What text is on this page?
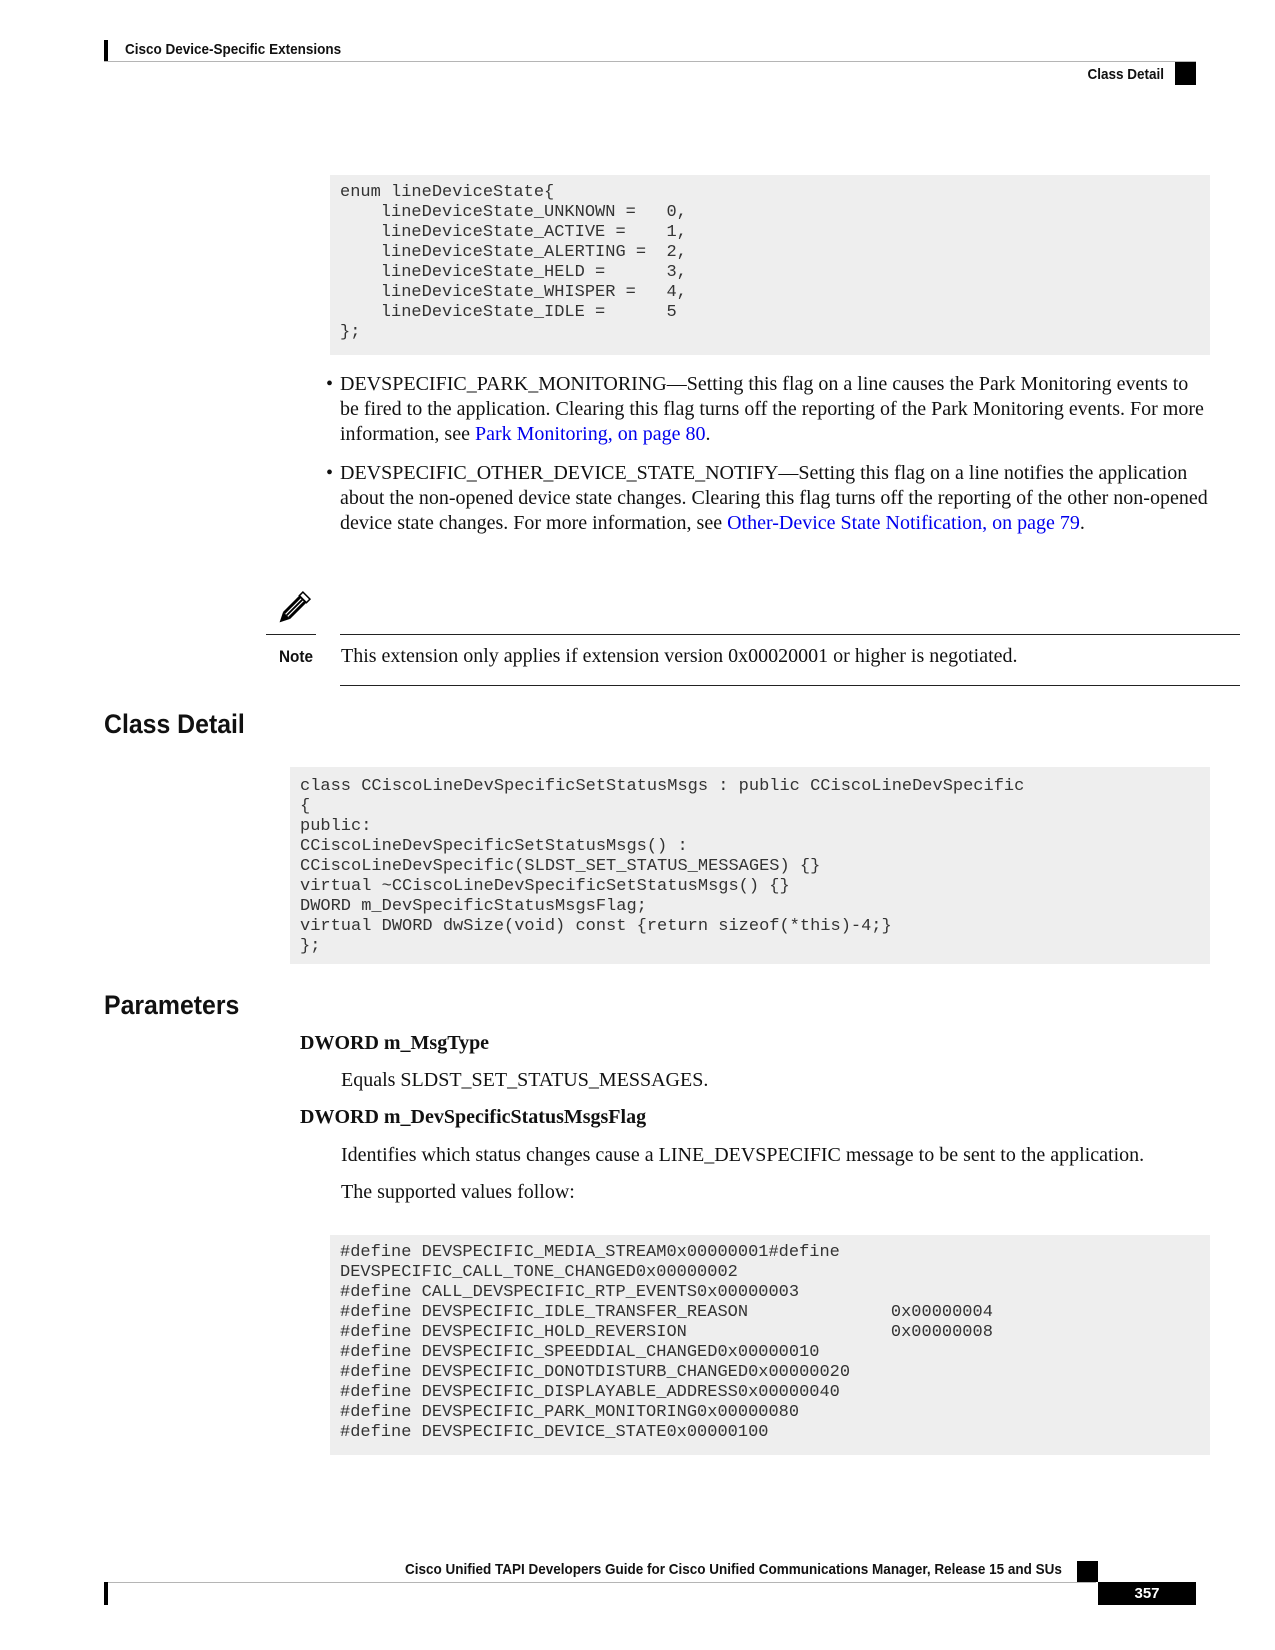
Cisco Device-Specific Extensions
Class Detail
enum lineDeviceState{
lineDeviceState_UNKNOWN =   0,
lineDeviceState_ACTIVE =    1,
lineDeviceState_ALERTING =  2,
lineDeviceState_HELD =      3,
lineDeviceState_WHISPER =   4,
lineDeviceState_IDLE =      5
};
• DEVSPECIFIC_PARK_MONITORING—Setting this flag on a line causes the Park Monitoring events to be fired to the application. Clearing this flag turns off the reporting of the Park Monitoring events. For more information, see Park Monitoring, on page 80.
• DEVSPECIFIC_OTHER_DEVICE_STATE_NOTIFY—Setting this flag on a line notifies the application about the non-opened device state changes. Clearing this flag turns off the reporting of the other non-opened device state changes. For more information, see Other-Device State Notification, on page 79.
Note This extension only applies if extension version 0x00020001 or higher is negotiated.
Class Detail
class CCiscoLineDevSpecificSetStatusMsgs : public CCiscoLineDevSpecific
{
public:
CCiscoLineDevSpecificSetStatusMsgs() :
CCiscoLineDevSpecific(SLDST_SET_STATUS_MESSAGES) {}
virtual ~CCiscoLineDevSpecificSetStatusMsgs() {}
DWORD m_DevSpecificStatusMsgsFlag;
virtual DWORD dwSize(void) const {return sizeof(*this)-4;}
};
Parameters
DWORD m_MsgType
Equals SLDST_SET_STATUS_MESSAGES.
DWORD m_DevSpecificStatusMsgsFlag
Identifies which status changes cause a LINE_DEVSPECIFIC message to be sent to the application.
The supported values follow:
#define DEVSPECIFIC_MEDIA_STREAM0x00000001#define
DEVSPECIFIC_CALL_TONE_CHANGED0x00000002
#define CALL_DEVSPECIFIC_RTP_EVENTS0x00000003
#define DEVSPECIFIC_IDLE_TRANSFER_REASON              0x00000004
#define DEVSPECIFIC_HOLD_REVERSION                    0x00000008
#define DEVSPECIFIC_SPEEDDIAL_CHANGED0x00000010
#define DEVSPECIFIC_DONOTDISTURB_CHANGED0x00000020
#define DEVSPECIFIC_DISPLAYABLE_ADDRESS0x00000040
#define DEVSPECIFIC_PARK_MONITORING0x00000080
#define DEVSPECIFIC_DEVICE_STATE0x00000100
Cisco Unified TAPI Developers Guide for Cisco Unified Communications Manager, Release 15 and SUs
357
